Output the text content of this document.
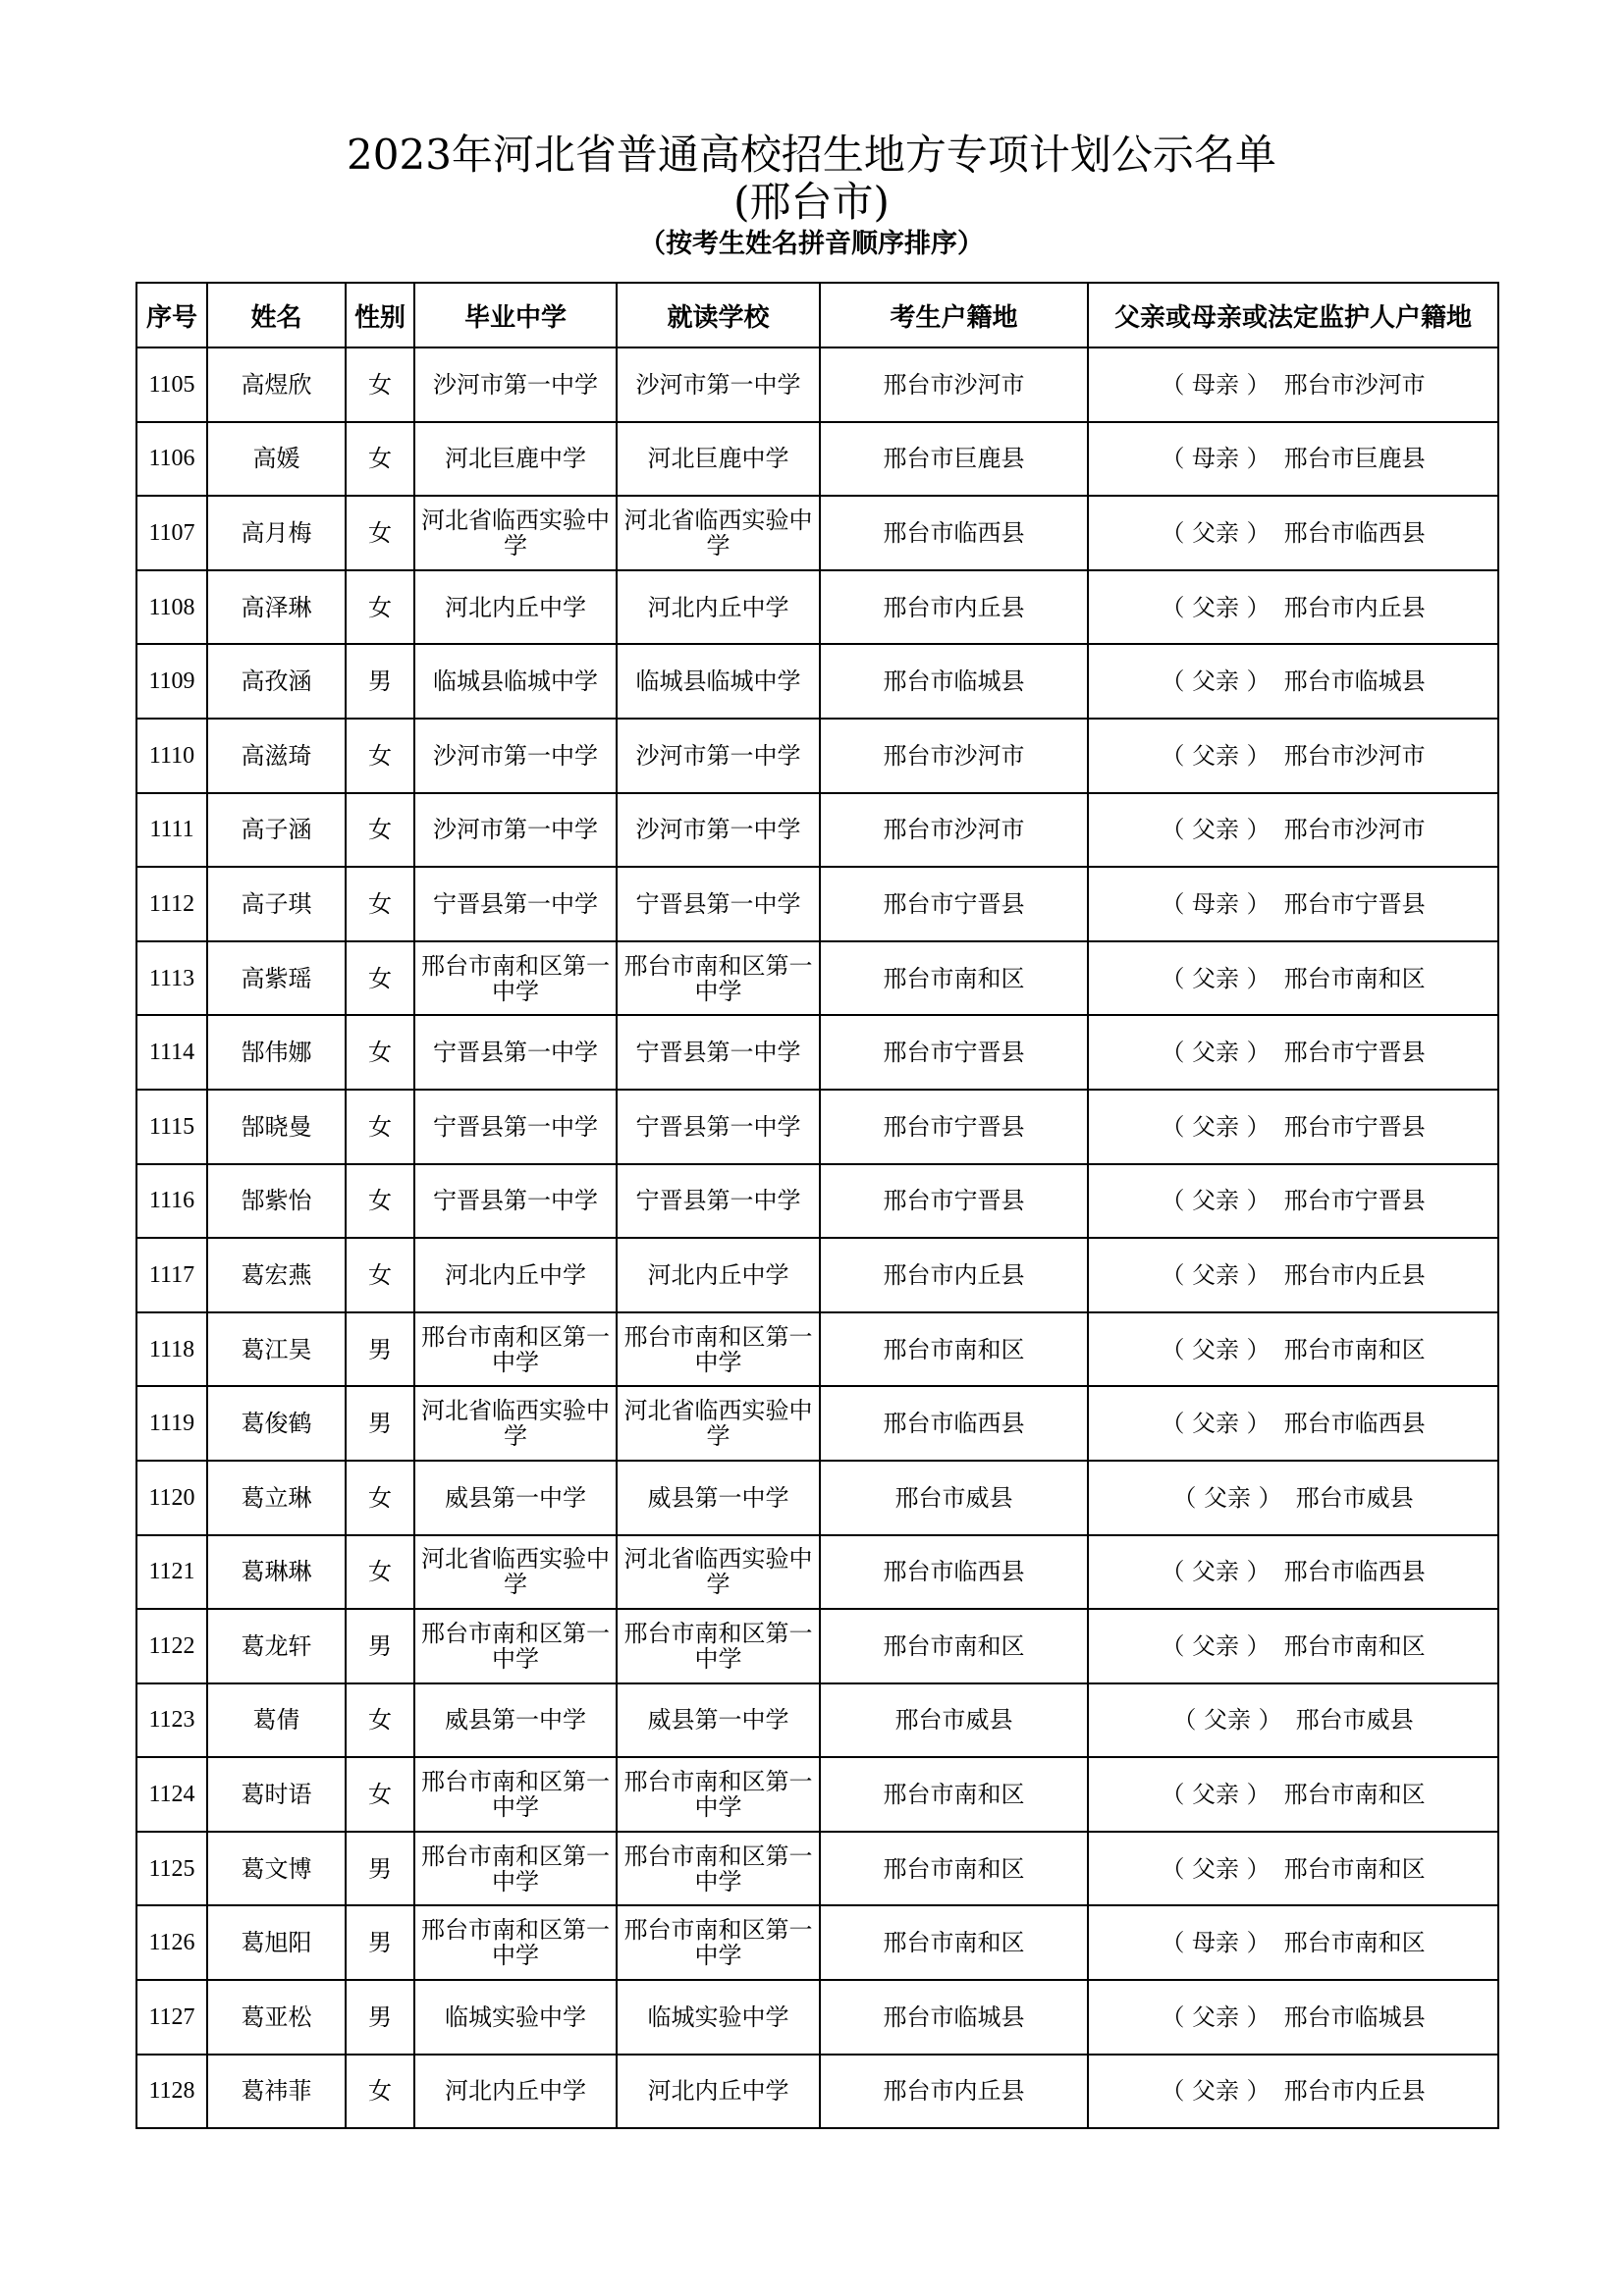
2023年河北省普通高校招生地方专项计划公示名单
(邢台市)
（按考生姓名拼音顺序排序）
序号	姓名	性别	毕业中学	就读学校	考生户籍地	父亲或母亲或法定监护人户籍地
1105	高煜欣	女	沙河市第一中学	沙河市第一中学	邢台市沙河市	（ 母亲 ） 邢台市沙河市
1106	高媛	女	河北巨鹿中学	河北巨鹿中学	邢台市巨鹿县	（ 母亲 ） 邢台市巨鹿县
1107	高月梅	女	河北省临西实验中学	河北省临西实验中学	邢台市临西县	（ 父亲 ） 邢台市临西县
1108	高泽琳	女	河北内丘中学	河北内丘中学	邢台市内丘县	（ 父亲 ） 邢台市内丘县
1109	高孜涵	男	临城县临城中学	临城县临城中学	邢台市临城县	（ 父亲 ） 邢台市临城县
1110	高滋琦	女	沙河市第一中学	沙河市第一中学	邢台市沙河市	（ 父亲 ） 邢台市沙河市
1111	高子涵	女	沙河市第一中学	沙河市第一中学	邢台市沙河市	（ 父亲 ） 邢台市沙河市
1112	高子琪	女	宁晋县第一中学	宁晋县第一中学	邢台市宁晋县	（ 母亲 ） 邢台市宁晋县
1113	高紫瑶	女	邢台市南和区第一中学	邢台市南和区第一中学	邢台市南和区	（ 父亲 ） 邢台市南和区
1114	郜伟娜	女	宁晋县第一中学	宁晋县第一中学	邢台市宁晋县	（ 父亲 ） 邢台市宁晋县
1115	郜晓曼	女	宁晋县第一中学	宁晋县第一中学	邢台市宁晋县	（ 父亲 ） 邢台市宁晋县
1116	郜紫怡	女	宁晋县第一中学	宁晋县第一中学	邢台市宁晋县	（ 父亲 ） 邢台市宁晋县
1117	葛宏燕	女	河北内丘中学	河北内丘中学	邢台市内丘县	（ 父亲 ） 邢台市内丘县
1118	葛江昊	男	邢台市南和区第一中学	邢台市南和区第一中学	邢台市南和区	（ 父亲 ） 邢台市南和区
1119	葛俊鹤	男	河北省临西实验中学	河北省临西实验中学	邢台市临西县	（ 父亲 ） 邢台市临西县
1120	葛立琳	女	威县第一中学	威县第一中学	邢台市威县	（ 父亲 ） 邢台市威县
1121	葛琳琳	女	河北省临西实验中学	河北省临西实验中学	邢台市临西县	（ 父亲 ） 邢台市临西县
1122	葛龙轩	男	邢台市南和区第一中学	邢台市南和区第一中学	邢台市南和区	（ 父亲 ） 邢台市南和区
1123	葛倩	女	威县第一中学	威县第一中学	邢台市威县	（ 父亲 ） 邢台市威县
1124	葛时语	女	邢台市南和区第一中学	邢台市南和区第一中学	邢台市南和区	（ 父亲 ） 邢台市南和区
1125	葛文博	男	邢台市南和区第一中学	邢台市南和区第一中学	邢台市南和区	（ 父亲 ） 邢台市南和区
1126	葛旭阳	男	邢台市南和区第一中学	邢台市南和区第一中学	邢台市南和区	（ 母亲 ） 邢台市南和区
1127	葛亚松	男	临城实验中学	临城实验中学	邢台市临城县	（ 父亲 ） 邢台市临城县
1128	葛祎菲	女	河北内丘中学	河北内丘中学	邢台市内丘县	（ 父亲 ） 邢台市内丘县
